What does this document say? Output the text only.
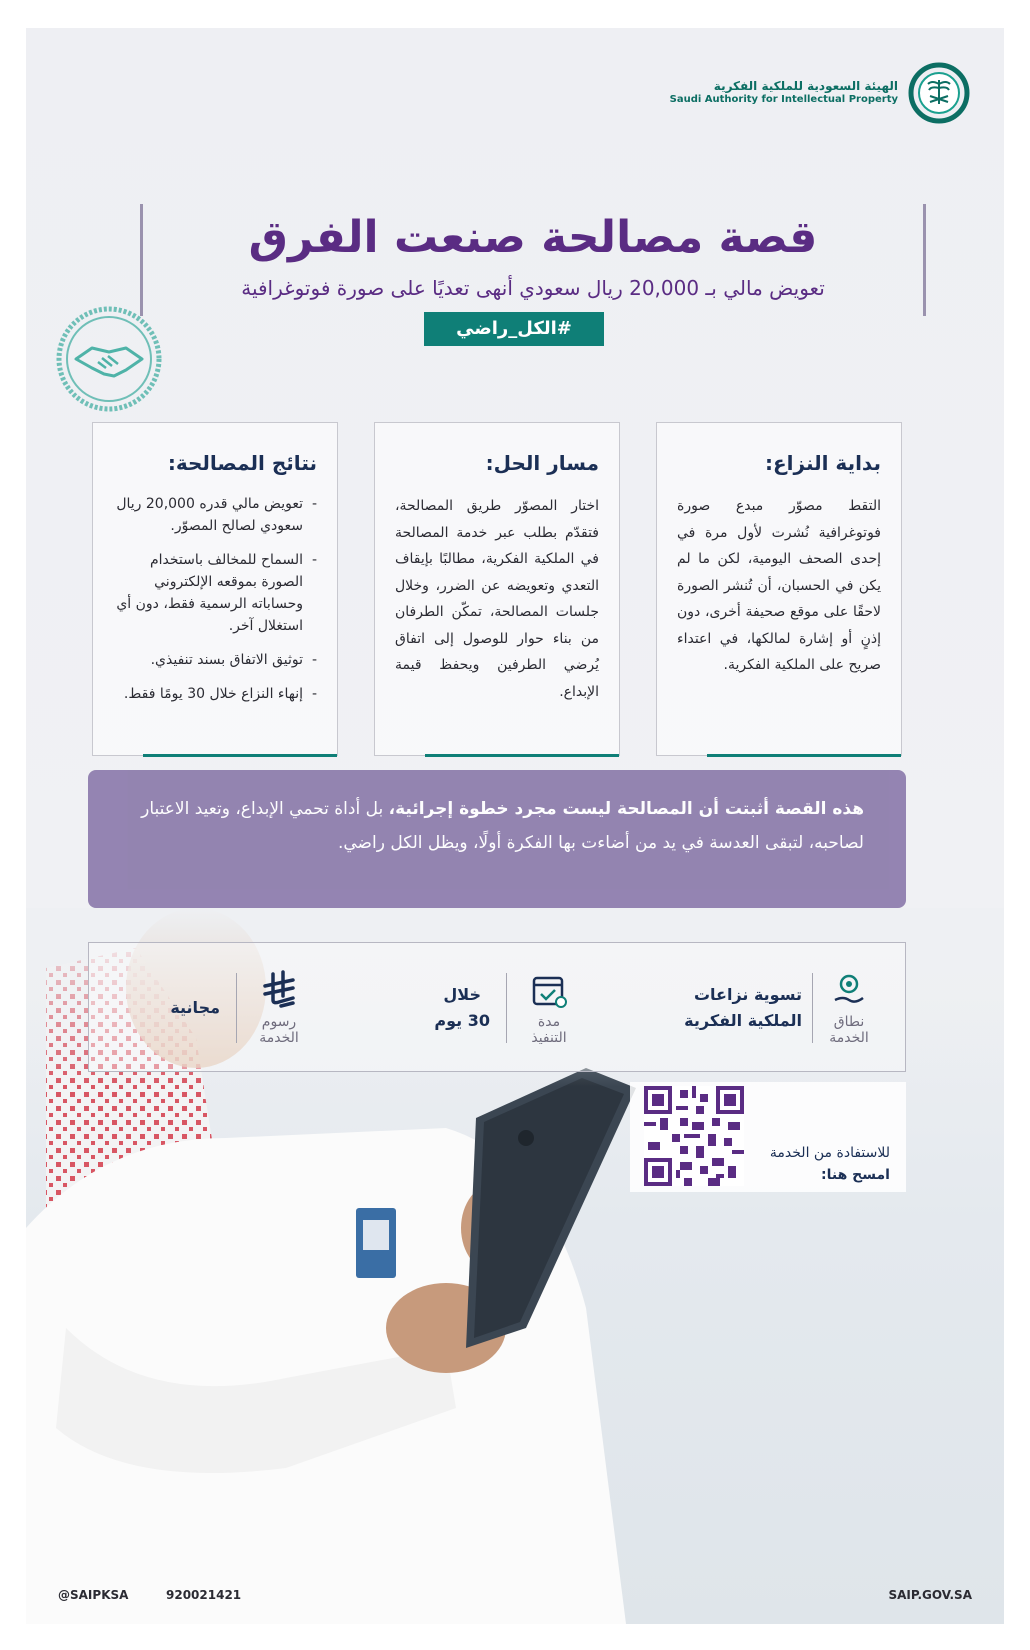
الهيئة السعودية للملكية الفكرية
Saudi Authority for Intellectual Property
قصة مصالحة صنعت الفرق
تعويض مالي بـ 20,000 ريال سعودي أنهى تعديًا على صورة فوتوغرافية
#الكل_راضي
بداية النزاع:
التقط مصوّر مبدع صورة فوتوغرافية نُشرت لأول مرة في إحدى الصحف اليومية، لكن ما لم يكن في الحسبان، أن تُنشر الصورة لاحقًا على موقع صحيفة أخرى، دون إذنٍ أو إشارة لمالكها، في اعتداء صريح على الملكية الفكرية.
مسار الحل:
اختار المصوّر طريق المصالحة، فتقدّم بطلب عبر خدمة المصالحة في الملكية الفكرية، مطالبًا بإيقاف التعدي وتعويضه عن الضرر، وخلال جلسات المصالحة، تمكّن الطرفان من بناء حوار للوصول إلى اتفاق يُرضي الطرفين ويحفظ قيمة الإبداع.
نتائج المصالحة:
- تعويض مالي قدره 20,000 ريال سعودي لصالح المصوّر.
- السماح للمخالف باستخدام الصورة بموقعه الإلكتروني وحساباته الرسمية فقط، دون أي استغلال آخر.
- توثيق الاتفاق بسند تنفيذي.
- إنهاء النزاع خلال 30 يومًا فقط.
هذه القصة أثبتت أن المصالحة ليست مجرد خطوة إجرائية، بل أداة تحمي الإبداع، وتعيد الاعتبار لصاحبه، لتبقى العدسة في يد من أضاءت بها الفكرة أولًا، ويظل الكل راضي.
نطاق الخدمة
تسوية نزاعات الملكية الفكرية
مدة التنفيذ
خلال
30 يوم
رسوم الخدمة
مجانية
للاستفادة من الخدمة
امسح هنا:
@SAIPKSA	920021421	SAIP.GOV.SA
